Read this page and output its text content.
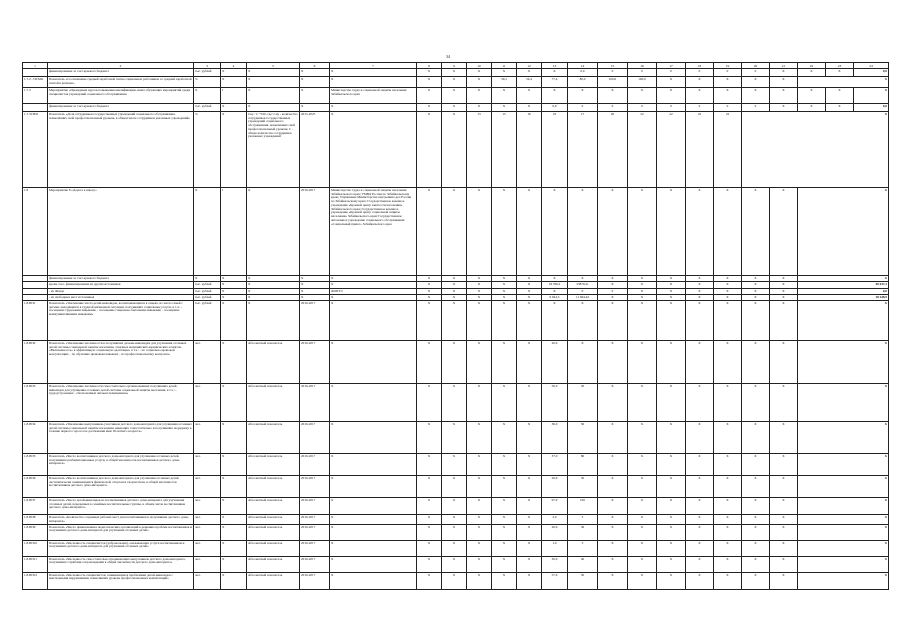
34
1	2	3	4	5	6	7	8	9	10	11	12	13	14	15	16	17	18	19	20	21	22	23	24
	финансирование за счет краевого бюджета	тыс. рублей	X	X	X	X	X	X	X	X	X	X	0,0	0	0	0	0	0	0	X	X	X	0,0
1.7.2 - ПСМО	Показатель «Соотношение средней заработной платы социальных работников со средней заработной платой в регионе»	%	X	X	X	X	X	X	X	56,5	54,4	77,4	80,0	100,0	100,0	X	X	X	X	X	X		
1.7.3	Мероприятие «Проведение курсов повышения квалификации, иных обучающих мероприятий среди специалистов учреждений социального обслуживания»	X	1	X	X	Министерство труда и социальной защиты населения Забайкальского края	X	X	X	X	X	X	X	X	X	X	X	X	X	X	X	X	X
	финансирование за счет краевого бюджета	тыс. рублей	X	X	X	X	X	X	X	X	X	0,0	0	0	0	0	0	0	0	X	X	X	0,0
1.7.3.ПМ1	Показатель «Доля сотрудников государственных учреждений социального обслуживания, повысивших свой профессиональный уровень, в общем числе сотрудников указанных учреждений»	%	X	Сну / С *100, где: Сну - количество сотрудников государственных учреждений социального обслуживания, повысивших свой профессиональный уровень; С - общее количество сотрудников указанных учреждений	2015-2025	X	X	X	13	15	16	16	17	20	22	22	22	22	X				
1.8	Мероприятие 8 «Дорога в школу»	X	1	X	2016-2017	Министерство труда и социальной защиты населения Забайкальского края; УМВД России по Забайкальскому краю; Управление Министерства внутренних дел России по Забайкальскому краю; Государственное казенное учреждение «Краевой центр занятости населения» Забайкальского края; Государственное казенное учреждение «Краевой центр социальной защиты населения» Забайкальского края; Государственное автономное учреждение социального обслуживания «Социальный приют» Забайкальского края	X	X	X	X	X	X	X	X	X	X	X	X	X	X	X		
	финансирование за счет краевого бюджета	X	X	X	X	X	X	X	X	X	X	X	X	X	X	X	X	X	X	X	X		
	кроме того, финансирование из других источников	тыс. рублей	X	X	X	X	X	X	X	X	X	18 766,2	23870,21	X	X	X	X	X	X	X	40 637,3		
	- из Фонда	тыс. рублей	X	X	X	ФОПТЭ	X	X	X	X	X	X	0	0	X	X	X	X	X	X	0,0		
	- из свободных мест источников	тыс. рублей	X	X	X	X	X	X	X	X	X	6 644,5	11 604,42	X	X	X	X	X	X	X	18 248,9		
1.8.ПП1	Показатель «Увеличение числа детей-инвалидов, воспитывающихся в семьях, из числа семей с детьми, находящихся в трудной жизненной ситуации, получивших социальные услуги, в т.ч.: - посещение трудовыми навыками; - посещение социально-бытовыми навыками; - посещение коммуникативными навыками»	тыс. рублей	X	X	2016-2017	X	X	X	X	X	X	X	X	X	X	X	X	X	X	X	X		
1.8.ПП2	Показатель «Увеличение численности в получивших детьми-инвалидам для улучшения отсевных детей системы социальной защиты населения, отказных медицинских-юридических аспектов, «Включенность» в эффективную социальную адаптацию, в т.ч.: - по социально-правовой консультации; - по обучению правовым навыкам; - по профессиональному контролю»	чел.	X	Абсолютный показатель	2016-2017	X	X	X	X	X	X	20,0	X	X	X	X	X	X	X	X	X		
1.8.ПП3	Показатель «Увеличение численности самостоятельно организовавших получивших детей-инвалидов для улучшения отсевных детей системы социальной защиты населения, в т.ч.: - трудоустроенных - обеспеченных жильем помещением»	чел.	X	Абсолютный показатель	2016-2017	X	X	X	X	X	X	56,0	50	X	X	X	X	X	X	X	X		
1.8.ПП4	Показатель «Увеличение выпускников-участников детского дома-интерната для улучшения отсевных детей системы социальной защиты населения, имеющих самостоятельно и получивших поддержку в течение первого года после достижения ими 18-летнего возраста»	чел.	X	Абсолютный показатель	2016-2017	X	X	X	X	X	X	36,0	50	X	X	X	X	X	X	X	X		
1.8.ПП5	Показатель «Число воспитанников детского дома-интерната для улучшения отсевных детей, получивших реабилитационные услуги, в общей численности воспитанников детского дома-интерната»	чел.	X	Абсолютный показатель	2016-2017	X	X	X	X	X	X	37,0	80	X	X	X	X	X	X	X	X		
1.8.ПП6	Показатель «Число воспитанников детского дома-интерната для улучшения отсевных детей, систематически занимающихся физической, спортом и творчеством, в общей численности воспитанников детского дома-интерната»	чел.	X	Абсолютный показатель	2016-2017	X	X	X	X	X	X	20,0	50	X	X	X	X	X	X	X	X		
1.8.ПП7	Показатель «Число детей-инвалидов из воспитанников детского дома-интерната для улучшения отсевных детей, переданных в семейные воспитательные группы, в общем числе воспитанников детского дома-интерната»	чел.	X	Абсолютный показатель	2016-2017	X	X	X	X	X	X	97,0	100	X	X	X	X	X	X	X	X		
1.8.ПП8	Показатель «Количество созданных рабочих мест для воспитанников в получивших детского дома-интерната»	чел.	X	Абсолютный показатель	2016-2017	X	X	X	X	X	X	2,0	3	X	X	X	X	X	X	X	X		
1.8.ПП9	Показатель «Число привлеченных педагогических организаций к решению проблем воспитанников и получивших детского дома-интерната для улучшения отсевных детей»	чел.	X	Абсолютный показатель	2016-2017	X	X	X	X	X	X	26,0	36	X	X	X	X	X	X	X	X		
1.8.ПП10	Показатель «Численность специалистов (добровольцев), оказывающих услуги воспитанникам и получивших детского дома-интерната для улучшения отсевных детей»	чел.	X	Абсолютный показатель	2016-2017	X	X	X	X	X	X	1,0	3	X	X	X	X	X	X	X	X		
1.8.ПП11	Показатель «Численность самостоятельно проживающих выпускников детского дома-интерната, получивших службами сопровождения в общей численности детского дома-интерната»	чел.	X	Абсолютный показатель	2016-2017	X	X	X	X	X	X	30,0	40	X	X	X	X	X	X	X	X		
1.8.ПП12	Показатель «Численность специалистов, занимающихся проблемами детей-инвалидов с ментальными нарушениями, повысивших уровень профессиональных компетенций»	чел.	X	Абсолютный показатель	2016-2017	X	X	X	X	X	X	57,0	50	X	X	X	X	X	X	X	X		
